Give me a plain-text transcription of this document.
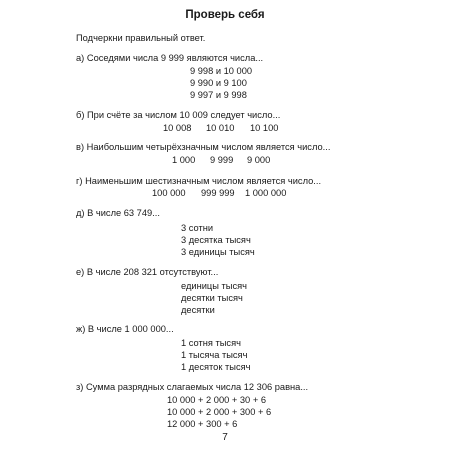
Проверь себя
Подчеркни правильный ответ.
а) Соседями числа 9 999 являются числа...
9 998 и 10 000
9 990 и 9 100
9 997 и 9 998
б) При счёте за числом 10 009 следует число...
10 008 10 010 10 100
в) Наибольшим четырёхзначным числом является число...
1 000 9 999 9 000
г) Наименьшим шестизначным числом является число...
100 000 999 999 1 000 000
д) В числе 63 749...
3 сотни
3 десятка тысяч
3 единицы тысяч
е) В числе 208 321 отсутствуют...
единицы тысяч
десятки тысяч
десятки
ж) В числе 1 000 000...
1 сотня тысяч
1 тысяча тысяч
1 десяток тысяч
з) Сумма разрядных слагаемых числа 12 306 равна...
10 000 + 2 000 + 30 + 6
10 000 + 2 000 + 300 + 6
12 000 + 300 + 6
7
